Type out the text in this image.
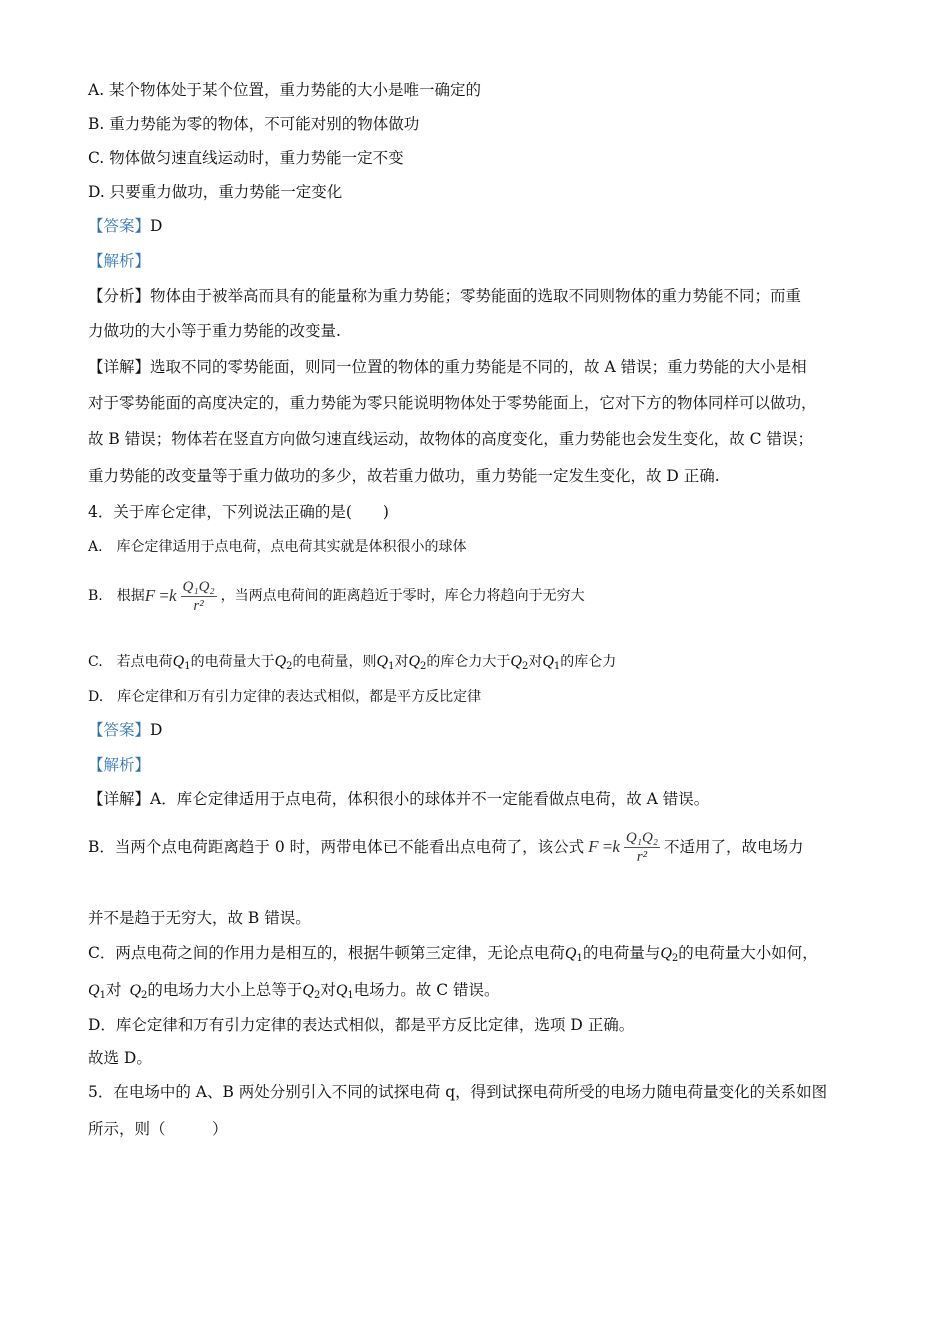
A. 某个物体处于某个位置，重力势能的大小是唯一确定的
B. 重力势能为零的物体，不可能对别的物体做功
C. 物体做匀速直线运动时，重力势能一定不变
D. 只要重力做功，重力势能一定变化
【答案】D
【解析】
【分析】物体由于被举高而具有的能量称为重力势能；零势能面的选取不同则物体的重力势能不同；而重
力做功的大小等于重力势能的改变量.
【详解】选取不同的零势能面，则同一位置的物体的重力势能是不同的，故 A 错误；重力势能的大小是相
对于零势能面的高度决定的，重力势能为零只能说明物体处于零势能面上，它对下方的物体同样可以做功，
故 B 错误；物体若在竖直方向做匀速直线运动，故物体的高度变化，重力势能也会发生变化，故 C 错误；
重力势能的改变量等于重力做功的多少，故若重力做功，重力势能一定发生变化，故 D 正确.
4．关于库仑定律，下列说法正确的是(　　)
A.　库仑定律适用于点电荷，点电荷其实就是体积很小的球体
B.　根据 F
= k $\frac{\text{Q₁Q₂}}{\text{r²}}$ ，当两点电荷间的距离趋近于零时，库仑力将趋向于无穷大
C.　若点电荷$Q_1$的电荷量大于$Q_2$的电荷量，则$Q_1$对$Q_2$的库仑力大于$Q_2$对$Q_1$的库仑力
D.　库仑定律和万有引力定律的表达式相似，都是平方反比定律
【答案】D
【解析】
【详解】A．库仑定律适用于点电荷，体积很小的球体并不一定能看做点电荷，故 A 错误。
B．当两个点电荷距离趋于 0 时，两带电体已不能看出点电荷了，该公式 F
= k $\frac{\text{Q₁Q₂}}{\text{r²}}$ 不适用了，故电场力
并不是趋于无穷大，故 B 错误。
C．两点电荷之间的作用力是相互的，根据牛顿第三定律，无论点电荷$Q_1$的电荷量与$Q_2$的电荷量大小如何，
$Q_1$对 $Q_2$的电场力大小上总等于$Q_2$对$Q_1$电场力。故 C 错误。
D．库仑定律和万有引力定律的表达式相似，都是平方反比定律，选项 D 正确。
故选 D。
5．在电场中的 A、B 两处分别引入不同的试探电荷 q，得到试探电荷所受的电场力随电荷量变化的关系如图
所示，则（　　　）
